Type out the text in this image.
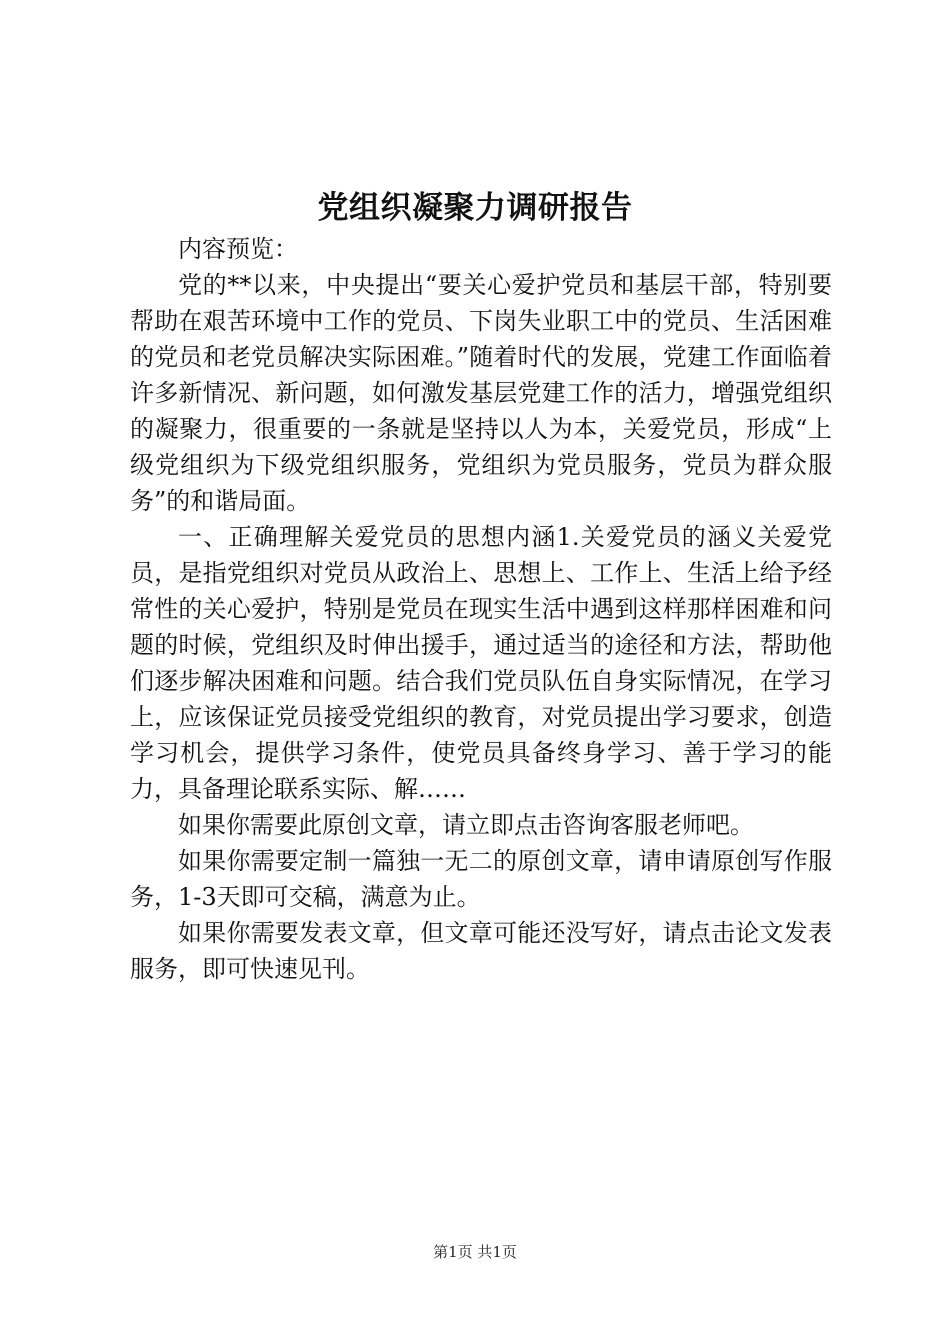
党组织凝聚力调研报告

内容预览：

党的**以来，中央提出“要关心爱护党员和基层干部，特别要帮助在艰苦环境中工作的党员、下岗失业职工中的党员、生活困难的党员和老党员解决实际困难。”随着时代的发展，党建工作面临着许多新情况、新问题，如何激发基层党建工作的活力，增强党组织的凝聚力，很重要的一条就是坚持以人为本，关爱党员，形成“上级党组织为下级党组织服务，党组织为党员服务，党员为群众服务”的和谐局面。

一、正确理解关爱党员的思想内涵1.关爱党员的涵义关爱党员，是指党组织对党员从政治上、思想上、工作上、生活上给予经常性的关心爱护，特别是党员在现实生活中遇到这样那样困难和问题的时候，党组织及时伸出援手，通过适当的途径和方法，帮助他们逐步解决困难和问题。结合我们党员队伍自身实际情况，在学习上，应该保证党员接受党组织的教育，对党员提出学习要求，创造学习机会，提供学习条件，使党员具备终身学习、善于学习的能力，具备理论联系实际、解……

如果你需要此原创文章，请立即点击咨询客服老师吧。

如果你需要定制一篇独一无二的原创文章，请申请原创写作服务，1-3天即可交稿，满意为止。

如果你需要发表文章，但文章可能还没写好，请点击论文发表服务，即可快速见刊。

第1页 共1页
